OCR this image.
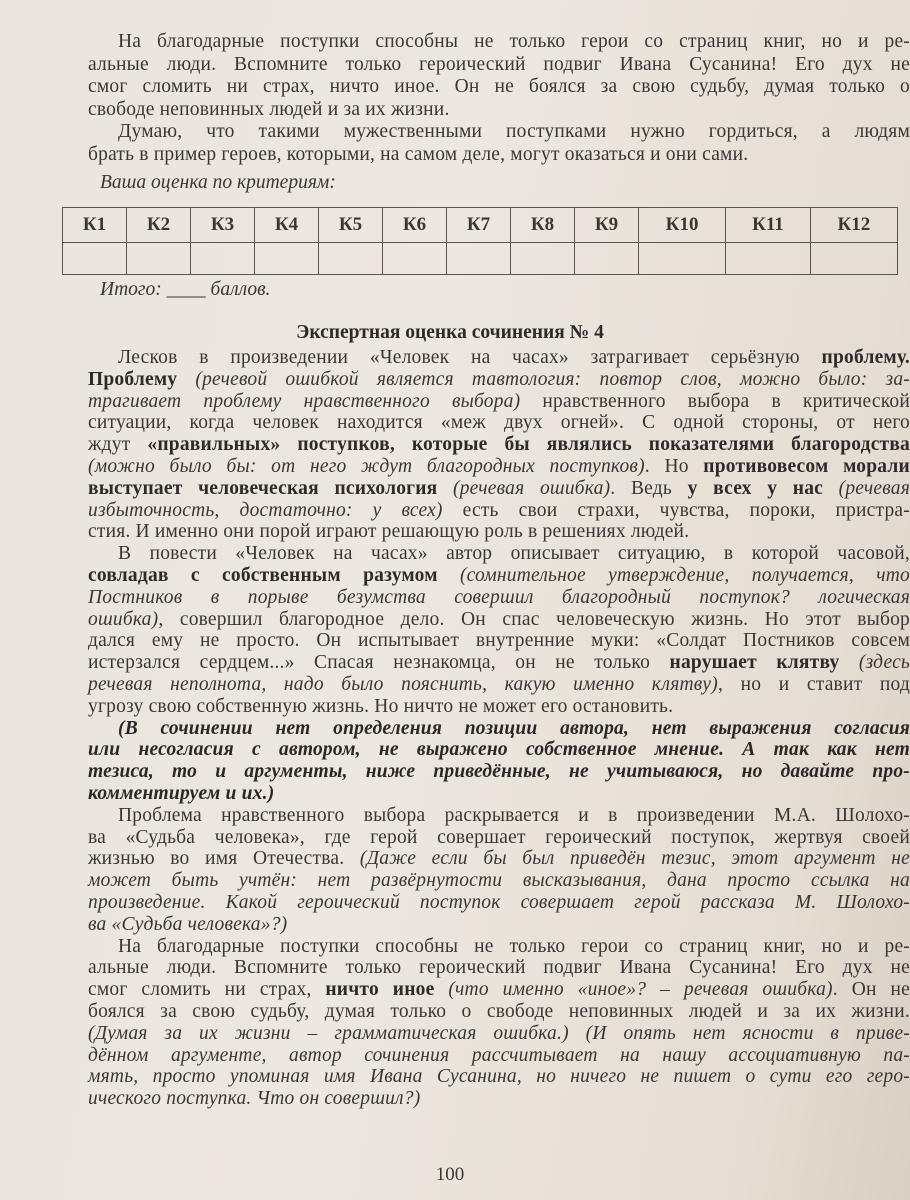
На благодарные поступки способны не только герои со страниц книг, но и ре-
альные люди. Вспомните только героический подвиг Ивана Сусанина! Его дух не
смог сломить ни страх, ничто иное. Он не боялся за свою судьбу, думая только о
свободе неповинных людей и за их жизни.
Думаю, что такими мужественными поступками нужно гордиться, а людям
брать в пример героев, которыми, на самом деле, могут оказаться и они сами.
Ваша оценка по критериям:
К1	К2	К3	К4	К5	К6	К7	К8	К9	К10	К11	К12

Итого: ____ баллов.
Экспертная оценка сочинения № 4
Лесков в произведении «Человек на часах» затрагивает серьёзную проблему.
Проблему (речевой ошибкой является тавтология: повтор слов, можно было: за-
трагивает проблему нравственного выбора) нравственного выбора в критической
ситуации, когда человек находится «меж двух огней». С одной стороны, от него
ждут «правильных» поступков, которые бы являлись показателями благородства
(можно было бы: от него ждут благородных поступков). Но противовесом морали
выступает человеческая психология (речевая ошибка). Ведь у всех у нас (речевая
избыточность, достаточно: у всех) есть свои страхи, чувства, пороки, пристра-
стия. И именно они порой играют решающую роль в решениях людей.
В повести «Человек на часах» автор описывает ситуацию, в которой часовой,
совладав с собственным разумом (сомнительное утверждение, получается, что
Постников в порыве безумства совершил благородный поступок? логическая
ошибка), совершил благородное дело. Он спас человеческую жизнь. Но этот выбор
дался ему не просто. Он испытывает внутренние муки: «Солдат Постников совсем
истерзался сердцем...» Спасая незнакомца, он не только нарушает клятву (здесь
речевая неполнота, надо было пояснить, какую именно клятву), но и ставит под
угрозу свою собственную жизнь. Но ничто не может его остановить.
(В сочинении нет определения позиции автора, нет выражения согласия
или несогласия с автором, не выражено собственное мнение. А так как нет
тезиса, то и аргументы, ниже приведённые, не учитываюся, но давайте про-
комментируем и их.)
Проблема нравственного выбора раскрывается и в произведении М.А. Шолохо-
ва «Судьба человека», где герой совершает героический поступок, жертвуя своей
жизнью во имя Отечества. (Даже если бы был приведён тезис, этот аргумент не
может быть учтён: нет развёрнутости высказывания, дана просто ссылка на
произведение. Какой героический поступок совершает герой рассказа М. Шолохо-
ва «Судьба человека»?)
На благодарные поступки способны не только герои со страниц книг, но и ре-
альные люди. Вспомните только героический подвиг Ивана Сусанина! Его дух не
смог сломить ни страх, ничто иное (что именно «иное»? – речевая ошибка). Он не
боялся за свою судьбу, думая только о свободе неповинных людей и за их жизни.
(Думая за их жизни – грамматическая ошибка.) (И опять нет ясности в приве-
дённом аргументе, автор сочинения рассчитывает на нашу ассоциативную па-
мять, просто упоминая имя Ивана Сусанина, но ничего не пишет о сути его геро-
ического поступка. Что он совершил?)
100
